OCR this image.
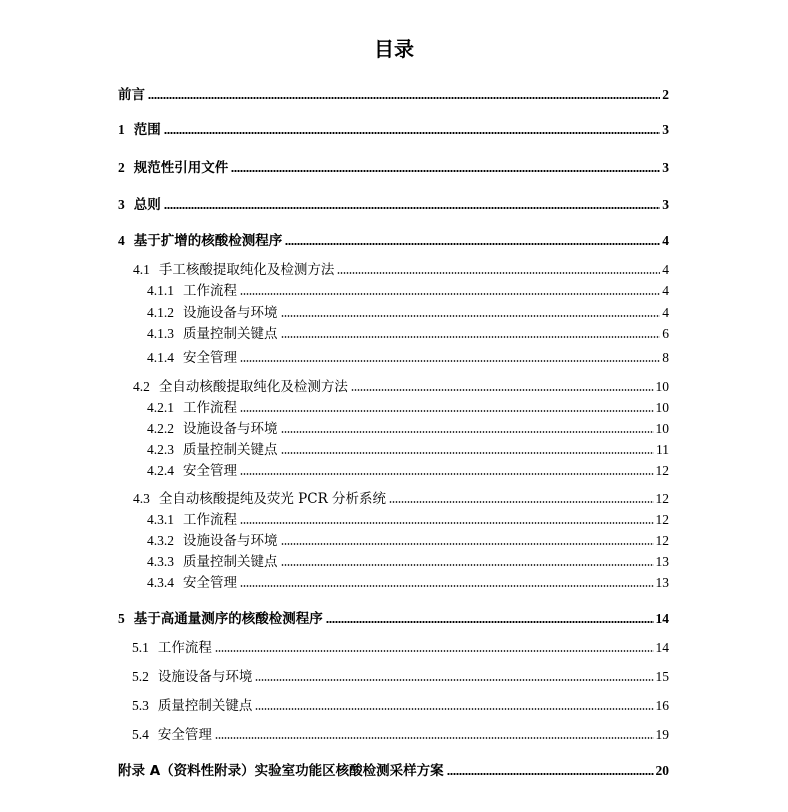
目录
前言	2
1 范围	3
2 规范性引用文件	3
3 总则	3
4 基于扩增的核酸检测程序	4
4.1 手工核酸提取纯化及检测方法	4
4.1.1 工作流程	4
4.1.2 设施设备与环境	4
4.1.3 质量控制关键点	6
4.1.4 安全管理	8
4.2 全自动核酸提取纯化及检测方法	10
4.2.1 工作流程	10
4.2.2 设施设备与环境	10
4.2.3 质量控制关键点	11
4.2.4 安全管理	12
4.3 全自动核酸提纯及荧光 PCR 分析系统	12
4.3.1 工作流程	12
4.3.2 设施设备与环境	12
4.3.3 质量控制关键点	13
4.3.4 安全管理	13
5 基于高通量测序的核酸检测程序	14
5.1 工作流程	14
5.2 设施设备与环境	15
5.3 质量控制关键点	16
5.4 安全管理	19
附录 A（资料性附录）实验室功能区核酸检测采样方案	20
